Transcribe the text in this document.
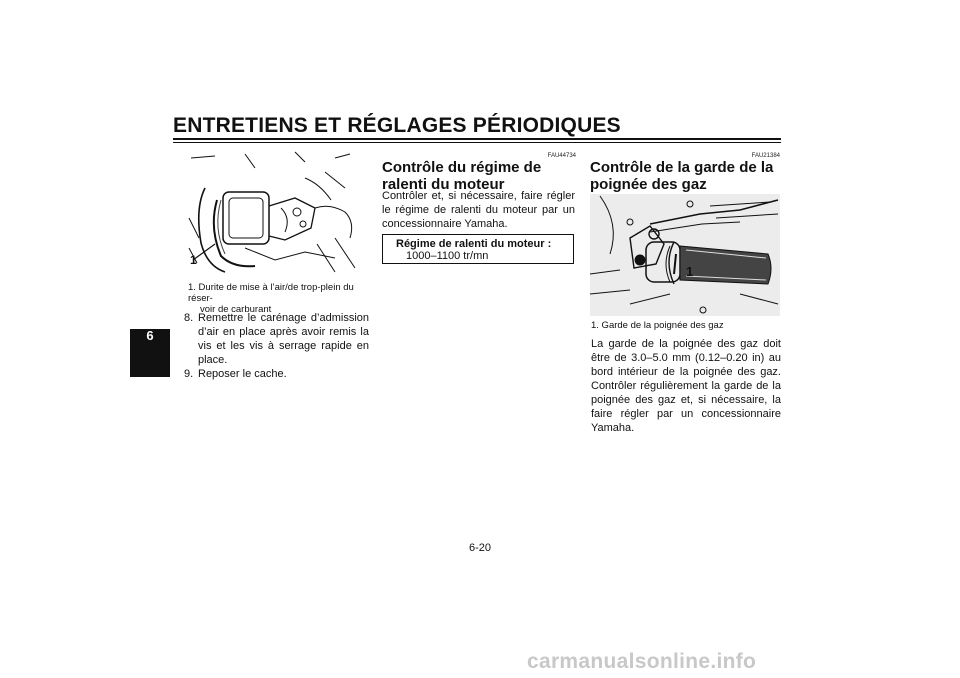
ENTRETIENS ET RÉGLAGES PÉRIODIQUES
6
1
1. Durite de mise à l’air/de trop-plein du réser-
voir de carburant
8. Remettre le carénage d’admission d’air en place après avoir remis la vis et les vis à serrage rapide en place.
9. Reposer le cache.
FAU44734
Contrôle du régime de ralenti du moteur
Contrôler et, si nécessaire, faire régler le régime de ralenti du moteur par un concessionnaire Yamaha.
Régime de ralenti du moteur :
1000–1100 tr/mn
FAU21384
Contrôle de la garde de la poignée des gaz
1
1. Garde de la poignée des gaz
La garde de la poignée des gaz doit être de 3.0–5.0 mm (0.12–0.20 in) au bord intérieur de la poignée des gaz. Contrôler régulièrement la garde de la poignée des gaz et, si nécessaire, la faire régler par un concessionnaire Yamaha.
6-20
carmanualsonline.info
